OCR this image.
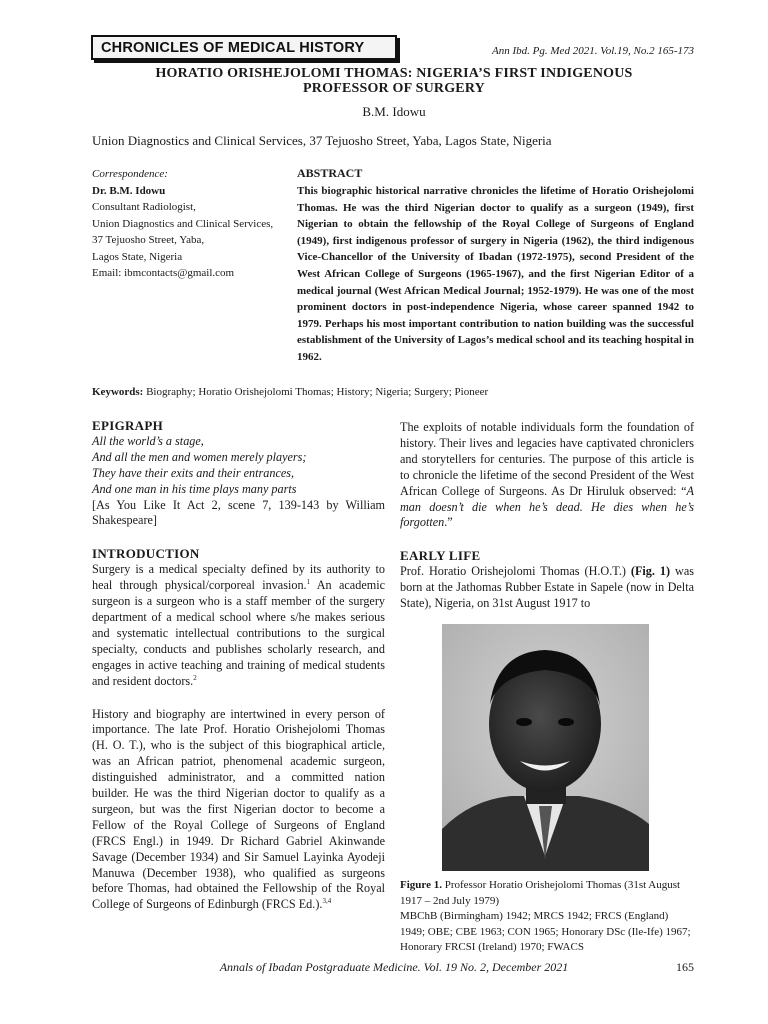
CHRONICLES OF MEDICAL HISTORY	Ann Ibd. Pg. Med 2021. Vol.19, No.2 165-173
HORATIO ORISHEJOLOMI THOMAS: NIGERIA’S FIRST INDIGENOUS
PROFESSOR OF SURGERY
B.M. Idowu
Union Diagnostics and Clinical Services, 37 Tejuosho Street, Yaba, Lagos State, Nigeria
Correspondence:
Dr. B.M. Idowu
Consultant Radiologist,
Union Diagnostics and Clinical Services,
37 Tejuosho Street, Yaba,
Lagos State, Nigeria
Email: ibmcontacts@gmail.com
ABSTRACT
This biographic historical narrative chronicles the lifetime of Horatio Orishejolomi Thomas. He was the third Nigerian doctor to qualify as a surgeon (1949), first Nigerian to obtain the fellowship of the Royal College of Surgeons of England (1949), first indigenous professor of surgery in Nigeria (1962), the third indigenous Vice-Chancellor of the University of Ibadan (1972-1975), second President of the West African College of Surgeons (1965-1967), and the first Nigerian Editor of a medical journal (West African Medical Journal; 1952-1979). He was one of the most prominent doctors in post-independence Nigeria, whose career spanned 1942 to 1979. Perhaps his most important contribution to nation building was the successful establishment of the University of Lagos’s medical school and its teaching hospital in 1962.
Keywords: Biography; Horatio Orishejolomi Thomas; History; Nigeria; Surgery; Pioneer
EPIGRAPH
All the world’s a stage,
And all the men and women merely players;
They have their exits and their entrances,
And one man in his time plays many parts
[As You Like It Act 2, scene 7, 139-143 by William Shakespeare]
INTRODUCTION
Surgery is a medical specialty defined by its authority to heal through physical/corporeal invasion.$^1$ An academic surgeon is a surgeon who is a staff member of the surgery department of a medical school where s/he makes serious and systematic intellectual contributions to the surgical specialty, conducts and publishes scholarly research, and engages in active teaching and training of medical students and resident doctors.$^2$
History and biography are intertwined in every person of importance. The late Prof. Horatio Orishejolomi Thomas (H. O. T.), who is the subject of this biographical article, was an African patriot, phenomenal academic surgeon, distinguished administrator, and a committed nation builder. He was the third Nigerian doctor to qualify as a surgeon, but was the first Nigerian doctor to become a Fellow of the Royal College of Surgeons of England (FRCS Engl.) in 1949. Dr Richard Gabriel Akinwande Savage (December 1934) and Sir Samuel Layinka Ayodeji Manuwa (December 1938), who qualified as surgeons before Thomas, had obtained the Fellowship of the Royal College of Surgeons of Edinburgh (FRCS Ed.).$^{3,4}$
The exploits of notable individuals form the foundation of history. Their lives and legacies have captivated chroniclers and storytellers for centuries. The purpose of this article is to chronicle the lifetime of the second President of the West African College of Surgeons. As Dr Hiruluk observed: “A man doesn’t die when he’s dead. He dies when he’s forgotten.”
EARLY LIFE
Prof. Horatio Orishejolomi Thomas (H.O.T.) (Fig. 1) was born at the Jathomas Rubber Estate in Sapele (now in Delta State), Nigeria, on 31st August 1917 to
Figure 1. Professor Horatio Orishejolomi Thomas (31st August 1917 – 2nd July 1979)
MBChB (Birmingham) 1942; MRCS 1942; FRCS (England) 1949; OBE; CBE 1963; CON 1965; Honorary DSc (Ile-Ife) 1967; Honorary FRCSI (Ireland) 1970; FWACS
Annals of Ibadan Postgraduate Medicine. Vol. 19 No. 2, December 2021	165
